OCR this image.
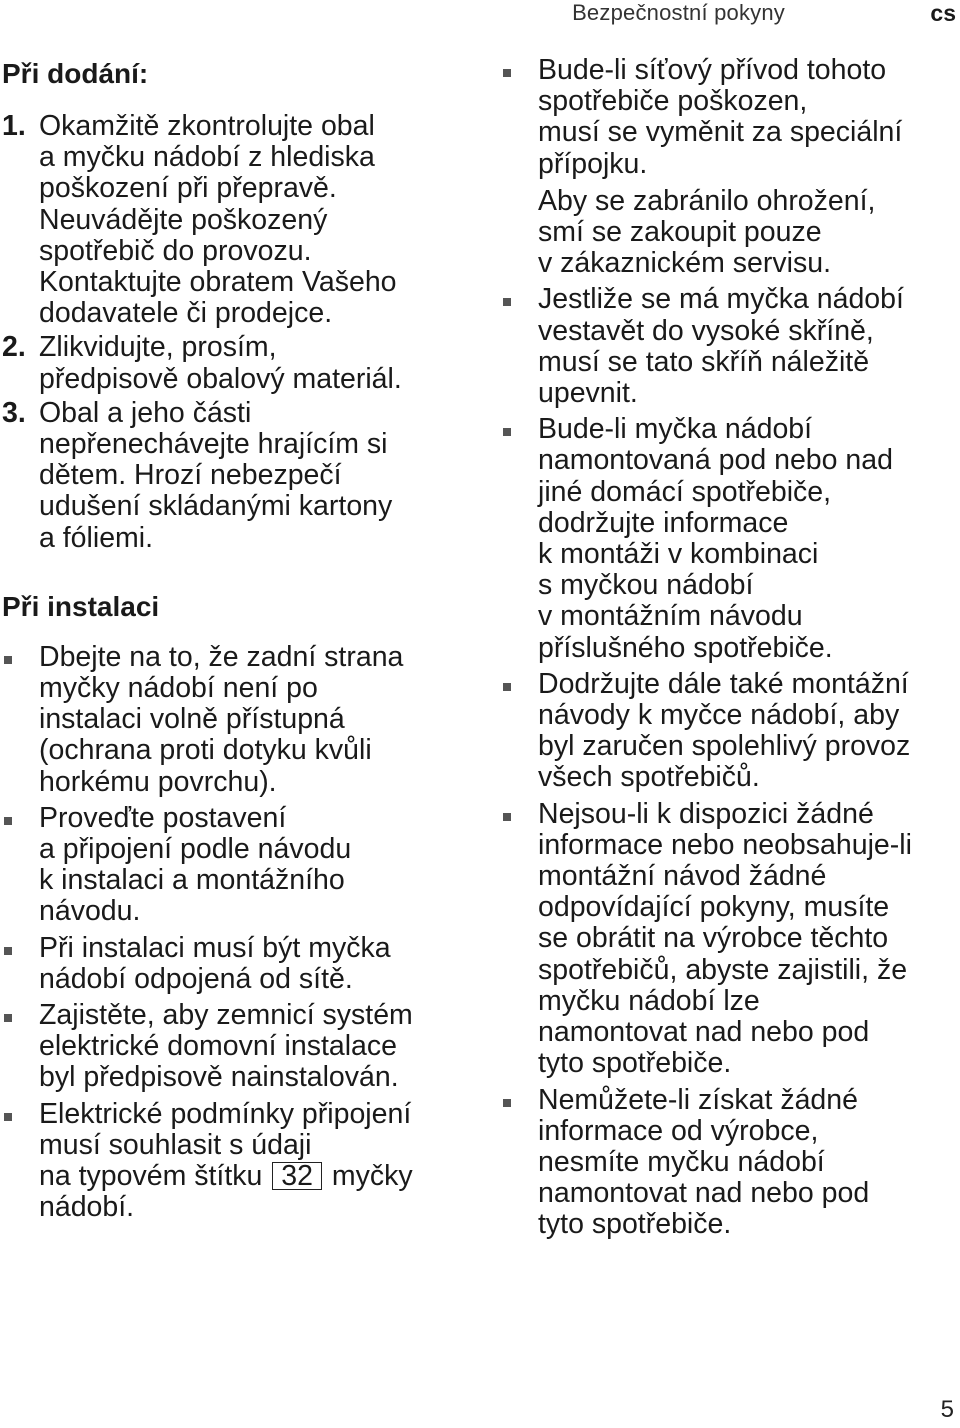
Bezpečnostní pokyny	cs
Při dodání:
1. Okamžitě zkontrolujte obal
a myčku nádobí z hlediska
poškození při přepravě.
Neuvádějte poškozený
spotřebič do provozu.
Kontaktujte obratem Vašeho
dodavatele či prodejce.
2. Zlikvidujte, prosím,
předpisově obalový materiál.
3. Obal a jeho části
nepřenechávejte hrajícím si
dětem. Hrozí nebezpečí
udušení skládanými kartony
a fóliemi.
Při instalaci
Dbejte na to, že zadní strana
myčky nádobí není po
instalaci volně přístupná
(ochrana proti dotyku kvůli
horkému povrchu).
Proveďte postavení
a připojení podle návodu
k instalaci a montážního
návodu.
Při instalaci musí být myčka
nádobí odpojená od sítě.
Zajistěte, aby zemnicí systém
elektrické domovní instalace
byl předpisově nainstalován.
Elektrické podmínky připojení
musí souhlasit s údaji
na typovém štítku 32 myčky
nádobí.
Bude-li síťový přívod tohoto
spotřebiče poškozen,
musí se vyměnit za speciální
přípojku.
Aby se zabránilo ohrožení,
smí se zakoupit pouze
v zákaznickém servisu.
Jestliže se má myčka nádobí
vestavět do vysoké skříně,
musí se tato skříň náležitě
upevnit.
Bude-li myčka nádobí
namontovaná pod nebo nad
jiné domácí spotřebiče,
dodržujte informace
k montáži v kombinaci
s myčkou nádobí
v montážním návodu
příslušného spotřebiče.
Dodržujte dále také montážní
návody k myčce nádobí, aby
byl zaručen spolehlivý provoz
všech spotřebičů.
Nejsou-li k dispozici žádné
informace nebo neobsahuje-li
montážní návod žádné
odpovídající pokyny, musíte
se obrátit na výrobce těchto
spotřebičů, abyste zajistili, že
myčku nádobí lze
namontovat nad nebo pod
tyto spotřebiče.
Nemůžete-li získat žádné
informace od výrobce,
nesmíte myčku nádobí
namontovat nad nebo pod
tyto spotřebiče.
5
